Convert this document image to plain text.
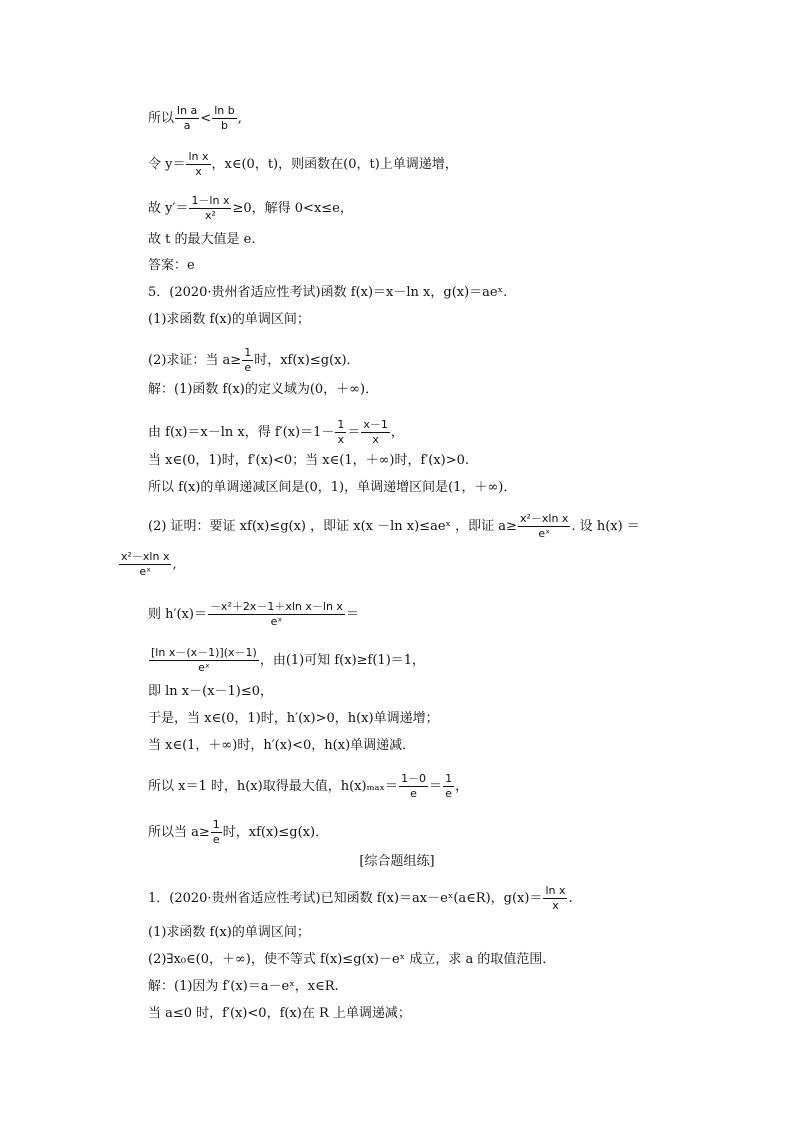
所以 $\frac{\text{ln a}}{a} < \frac{\text{ln b}}{b}$ ,
令 $y= \frac{\text{ln x}}{x}$ ，x∈(0，t)，则函数在(0，t)上单调递增，
故 $y'= \frac{\text{1－ln x}}{\text{x²}} \ge 0$，解得 0<x≤e，
故 t 的最大值是 e.
答案：e
5．(2020·贵州省适应性考试)函数 f(x)＝x－ln x，g(x)＝aeˣ.
(1)求函数 f(x)的单调区间；
(2)求证：当 $a\ge \frac{1}{e}$ 时，xf(x)≤g(x)．
解：(1)函数 f(x)的定义域为(0，＋∞)．
由 f(x)＝x－ln x，得 $f'(x)=1- \frac{1}{x} = \frac{x-1}{x}$ ，
当 x∈(0，1)时，f′(x)<0；当 x∈(1，＋∞)时，f′(x)>0.
所以 f(x)的单调递减区间是(0，1)，单调递增区间是(1，＋∞)．
(2) 证明：要证 xf(x)≤g(x) ，即证 x(x －ln x)≤aeˣ ，即证 $a\ge \frac{\text{x²－xln x}}{\text{eˣ}}$ . 设 h(x) ＝
$\frac{\text{x²－xln x}}{\text{eˣ}}$ ,
则 $h'(x)= \frac{\text{－x²＋2x－1＋xln x－ln x}}{\text{eˣ}}$ ＝
$\frac{\text{[ln x－(x－1)](x－1)}}{\text{eˣ}}$ ，由(1)可知 f(x)≥f(1)＝1，
即 ln x－(x－1)≤0，
于是，当 x∈(0，1)时，h′(x)>0，h(x)单调递增；
当 x∈(1，＋∞)时，h′(x)<0，h(x)单调递减．
所以 x＝1 时，h(x)取得最大值，$h(x)_{max}= \frac{1-0}{e} = \frac{1}{e}$ ，
所以当 $a\ge \frac{1}{e}$ 时，xf(x)≤g(x)．
[综合题组练]
1．(2020·贵州省适应性考试)已知函数 f(x)＝ax－eˣ(a∈R)，$g(x)= \frac{\text{ln x}}{x}$ .
(1)求函数 f(x)的单调区间；
(2)∃x₀∈(0，＋∞)，使不等式 f(x)≤g(x)－eˣ 成立，求 a 的取值范围．
解：(1)因为 f′(x)＝a－eˣ，x∈R.
当 a≤0 时，f′(x)<0，f(x)在 R 上单调递减；
